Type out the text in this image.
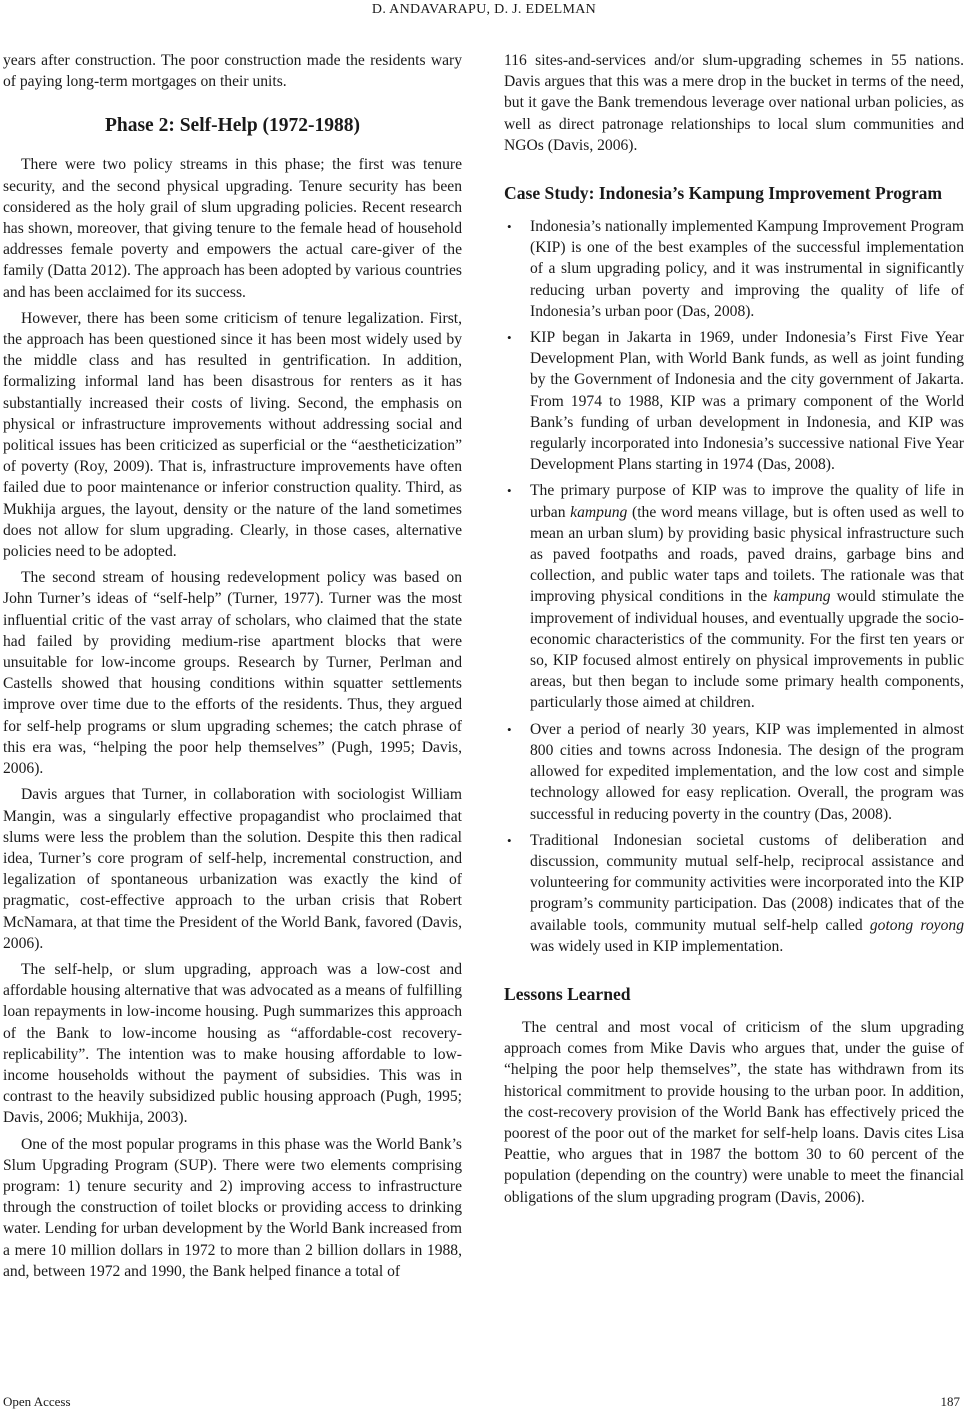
D. ANDAVARAPU, D. J. EDELMAN

years after construction. The poor construction made the residents wary of paying long-term mortgages on their units.

Phase 2: Self-Help (1972-1988)

There were two policy streams in this phase; the first was tenure security, and the second physical upgrading. Tenure security has been considered as the holy grail of slum upgrading policies. Recent research has shown, moreover, that giving tenure to the female head of household addresses female poverty and empowers the actual care-giver of the family (Datta 2012). The approach has been adopted by various countries and has been acclaimed for its success.

However, there has been some criticism of tenure legalization. First, the approach has been questioned since it has been most widely used by the middle class and has resulted in gentrification. In addition, formalizing informal land has been disastrous for renters as it has substantially increased their costs of living. Second, the emphasis on physical or infrastructure improvements without addressing social and political issues has been criticized as superficial or the “aestheticization” of poverty (Roy, 2009). That is, infrastructure improvements have often failed due to poor maintenance or inferior construction quality. Third, as Mukhija argues, the layout, density or the nature of the land sometimes does not allow for slum upgrading. Clearly, in those cases, alternative policies need to be adopted.

The second stream of housing redevelopment policy was based on John Turner’s ideas of “self-help” (Turner, 1977). Turner was the most influential critic of the vast array of scholars, who claimed that the state had failed by providing medium-rise apartment blocks that were unsuitable for low-income groups. Research by Turner, Perlman and Castells showed that housing conditions within squatter settlements improve over time due to the efforts of the residents. Thus, they argued for self-help programs or slum upgrading schemes; the catch phrase of this era was, “helping the poor help themselves” (Pugh, 1995; Davis, 2006).

Davis argues that Turner, in collaboration with sociologist William Mangin, was a singularly effective propagandist who proclaimed that slums were less the problem than the solution. Despite this then radical idea, Turner’s core program of self-help, incremental construction, and legalization of spontaneous urbanization was exactly the kind of pragmatic, cost-effective approach to the urban crisis that Robert McNamara, at that time the President of the World Bank, favored (Davis, 2006).

The self-help, or slum upgrading, approach was a low-cost and affordable housing alternative that was advocated as a means of fulfilling loan repayments in low-income housing. Pugh summarizes this approach of the Bank to low-income housing as “affordable-cost recovery-replicability”. The intention was to make housing affordable to low-income households without the payment of subsidies. This was in contrast to the heavily subsidized public housing approach (Pugh, 1995; Davis, 2006; Mukhija, 2003).

One of the most popular programs in this phase was the World Bank’s Slum Upgrading Program (SUP). There were two elements comprising program: 1) tenure security and 2) improving access to infrastructure through the construction of toilet blocks or providing access to drinking water. Lending for urban development by the World Bank increased from a mere 10 million dollars in 1972 to more than 2 billion dollars in 1988, and, between 1972 and 1990, the Bank helped finance a total of

116 sites-and-services and/or slum-upgrading schemes in 55 nations. Davis argues that this was a mere drop in the bucket in terms of the need, but it gave the Bank tremendous leverage over national urban policies, as well as direct patronage relationships to local slum communities and NGOs (Davis, 2006).

Case Study: Indonesia’s Kampung Improvement Program
• Indonesia’s nationally implemented Kampung Improvement Program (KIP) is one of the best examples of the successful implementation of a slum upgrading policy, and it was instrumental in significantly reducing urban poverty and improving the quality of life of Indonesia’s urban poor (Das, 2008).
• KIP began in Jakarta in 1969, under Indonesia’s First Five Year Development Plan, with World Bank funds, as well as joint funding by the Government of Indonesia and the city government of Jakarta. From 1974 to 1988, KIP was a primary component of the World Bank’s funding of urban development in Indonesia, and KIP was regularly incorporated into Indonesia’s successive national Five Year Development Plans starting in 1974 (Das, 2008).
• The primary purpose of KIP was to improve the quality of life in urban kampung (the word means village, but is often used as well to mean an urban slum) by providing basic physical infrastructure such as paved footpaths and roads, paved drains, garbage bins and collection, and public water taps and toilets. The rationale was that improving physical conditions in the kampung would stimulate the improvement of individual houses, and eventually upgrade the socio-economic characteristics of the community. For the first ten years or so, KIP focused almost entirely on physical improvements in public areas, but then began to include some primary health components, particularly those aimed at children.
• Over a period of nearly 30 years, KIP was implemented in almost 800 cities and towns across Indonesia. The design of the program allowed for expedited implementation, and the low cost and simple technology allowed for easy replication. Overall, the program was successful in reducing poverty in the country (Das, 2008).
• Traditional Indonesian societal customs of deliberation and discussion, community mutual self-help, reciprocal assistance and volunteering for community activities were incorporated into the KIP program’s community participation. Das (2008) indicates that of the available tools, community mutual self-help called gotong royong was widely used in KIP implementation.
Lessons Learned

The central and most vocal of criticism of the slum upgrading approach comes from Mike Davis who argues that, under the guise of “helping the poor help themselves”, the state has withdrawn from its historical commitment to provide housing to the urban poor. In addition, the cost-recovery provision of the World Bank has effectively priced the poorest of the poor out of the market for self-help loans. Davis cites Lisa Peattie, who argues that in 1987 the bottom 30 to 60 percent of the population (depending on the country) were unable to meet the financial obligations of the slum upgrading program (Davis, 2006).

Open Access	187
